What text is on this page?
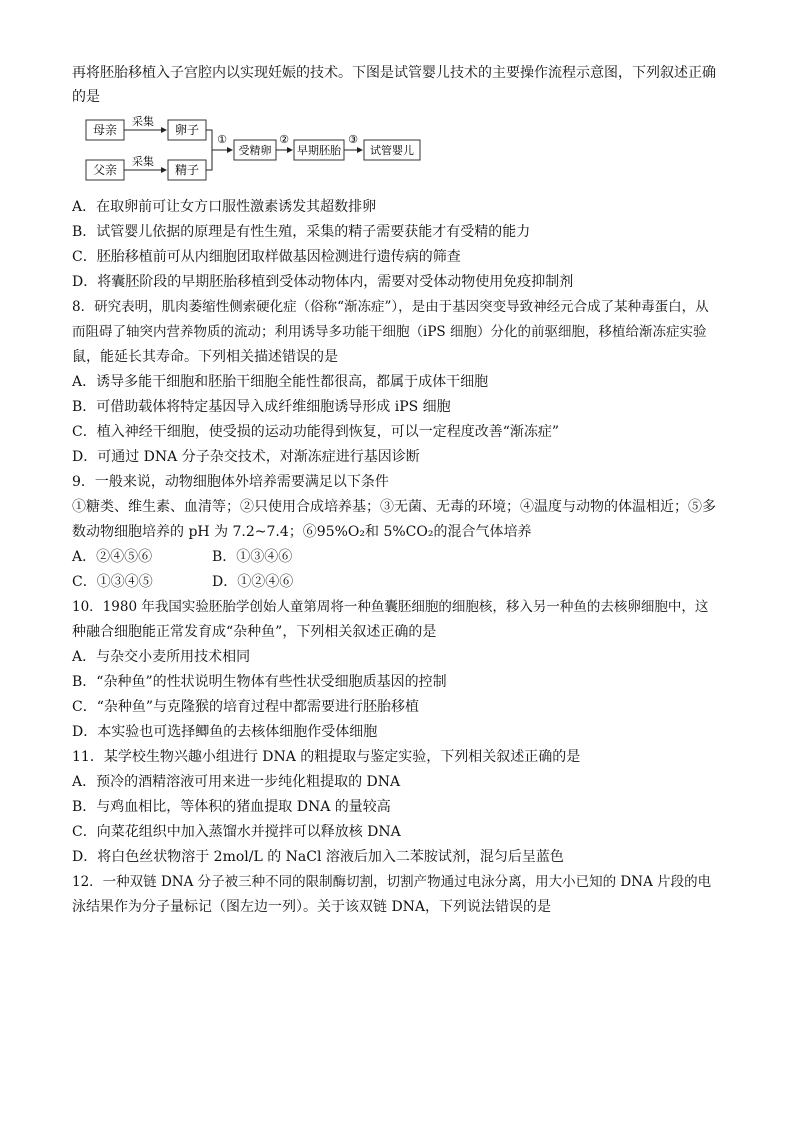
再将胚胎移植入子宫腔内以实现妊娠的技术。下图是试管婴儿技术的主要操作流程示意图，下列叙述正确
的是
母亲
父亲
采集
采集
卵子
精子
①
受精卵
②
早期胚胎
③
试管婴儿
A．在取卵前可让女方口服性激素诱发其超数排卵
B．试管婴儿依据的原理是有性生殖，采集的精子需要获能才有受精的能力
C．胚胎移植前可从内细胞团取样做基因检测进行遗传病的筛查
D．将囊胚阶段的早期胚胎移植到受体动物体内，需要对受体动物使用免疫抑制剂
8．研究表明，肌肉萎缩性侧索硬化症（俗称“渐冻症”），是由于基因突变导致神经元合成了某种毒蛋白，从
而阻碍了轴突内营养物质的流动；利用诱导多功能干细胞（iPS 细胞）分化的前驱细胞，移植给渐冻症实验
鼠，能延长其寿命。下列相关描述错误的是
A．诱导多能干细胞和胚胎干细胞全能性都很高，都属于成体干细胞
B．可借助载体将特定基因导入成纤维细胞诱导形成 iPS 细胞
C．植入神经干细胞，使受损的运动功能得到恢复，可以一定程度改善“渐冻症”
D．可通过 DNA 分子杂交技术，对渐冻症进行基因诊断
9．一般来说，动物细胞体外培养需要满足以下条件
①糖类、维生素、血清等；②只使用合成培养基；③无菌、无毒的环境；④温度与动物的体温相近；⑤多
数动物细胞培养的 pH 为 7.2~7.4；⑥95%O₂和 5%CO₂的混合气体培养
A．②④⑤⑥	B．①③④⑥
C．①③④⑤	D．①②④⑥
10．1980 年我国实验胚胎学创始人童第周将一种鱼囊胚细胞的细胞核，移入另一种鱼的去核卵细胞中，这
种融合细胞能正常发育成“杂种鱼”，下列相关叙述正确的是
A．与杂交小麦所用技术相同
B．“杂种鱼”的性状说明生物体有些性状受细胞质基因的控制
C．“杂种鱼”与克隆猴的培育过程中都需要进行胚胎移植
D．本实验也可选择鲫鱼的去核体细胞作受体细胞
11．某学校生物兴趣小组进行 DNA 的粗提取与鉴定实验，下列相关叙述正确的是
A．预冷的酒精溶液可用来进一步纯化粗提取的 DNA
B．与鸡血相比，等体积的猪血提取 DNA 的量较高
C．向菜花组织中加入蒸馏水并搅拌可以释放核 DNA
D．将白色丝状物溶于 2mol/L 的 NaCl 溶液后加入二苯胺试剂，混匀后呈蓝色
12．一种双链 DNA 分子被三种不同的限制酶切割，切割产物通过电泳分离，用大小已知的 DNA 片段的电
泳结果作为分子量标记（图左边一列）。关于该双链 DNA，下列说法错误的是
